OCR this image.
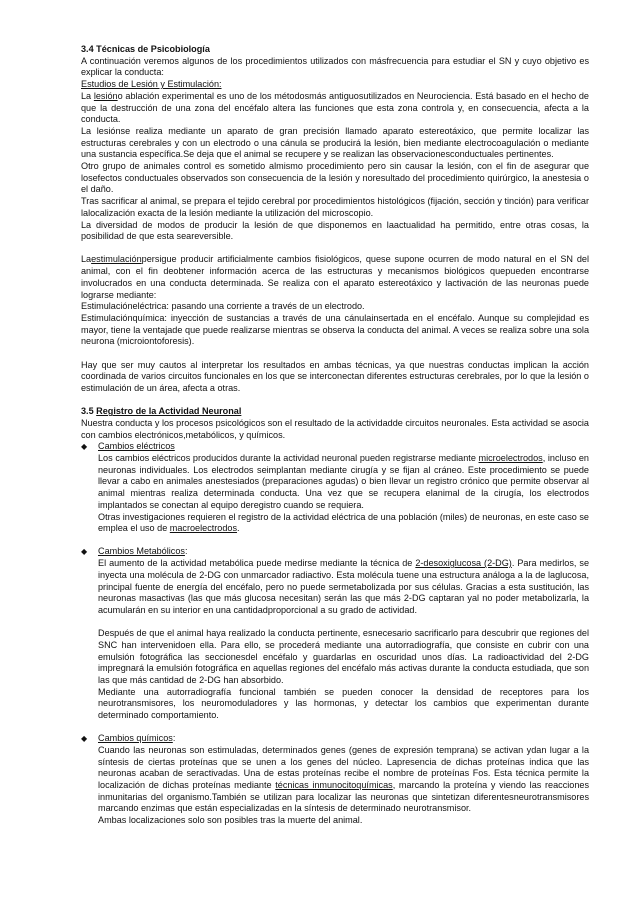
3.4 Técnicas de Psicobiología

A continuación veremos algunos de los procedimientos utilizados con másfrecuencia para estudiar el SN y cuyo objetivo es explicar la conducta:

Estudios de Lesión y Estimulación:

La lesióno ablación experimental es uno de los métodosmás antiguosutilizados en Neurociencia. Está basado en el hecho de que la destrucción de una zona del encéfalo altera las funciones que esta zona controla y, en consecuencia, afecta a la conducta.

La lesiónse realiza mediante un aparato de gran precisión llamado aparato estereotáxico, que permite localizar las estructuras cerebrales y con un electrodo o una cánula se producirá la lesión, bien mediante electrocoagulación o mediante una sustancia específica.Se deja que el animal se recupere y se realizan las observacionesconductuales pertinentes.

Otro grupo de animales control es sometido almismo procedimiento pero sin causar la lesión, con el fin de asegurar que losefectos conductuales observados son consecuencia de la lesión y noresultado del procedimiento quirúrgico, la anestesia o el daño.

Tras sacrificar al animal, se prepara el tejido cerebral por procedimientos histológicos (fijación, sección y tinción) para verificar lalocalización exacta de la lesión mediante la utilización del microscopio.

La diversidad de modos de producir la lesión de que disponemos en laactualidad ha permitido, entre otras cosas, la posibilidad de que esta seareversible.

Laestimulaciónpersigue producir artificialmente cambios fisiológicos, quese supone ocurren de modo natural en el SN del animal, con el fin deobtener información acerca de las estructuras y mecanismos biológicos quepueden encontrarse involucrados en una conducta determinada. Se realiza con el aparato estereotáxico y lactivación de las neuronas puede lograrse mediante:

Estimulacióneléctrica: pasando una corriente a través de un electrodo.

Estimulaciónquímica: inyección de sustancias a través de una cánulainsertada en el encéfalo. Aunque su complejidad es mayor, tiene la ventajade que puede realizarse mientras se observa la conducta del animal. A veces se realiza sobre una sola neurona (microiontoforesis).

Hay que ser muy cautos al interpretar los resultados en ambas técnicas, ya que nuestras conductas implican la acción coordinada de varios circuitos funcionales en los que se interconectan diferentes estructuras cerebrales, por lo que la lesión o estimulación de un área, afecta a otras.

3.5 Registro de la Actividad Neuronal

Nuestra conducta y los procesos psicológicos son el resultado de la actividadde circuitos neuronales. Esta actividad se asocia con cambios electrónicos,metabólicos, y químicos.

◆ Cambios eléctricos

Los cambios eléctricos producidos durante la actividad neuronal pueden registrarse mediante microelectrodos, incluso en neuronas individuales. Los electrodos seimplantan mediante cirugía y se fijan al cráneo. Este procedimiento se puede llevar a cabo en animales anestesiados (preparaciones agudas) o bien llevar un registro crónico que permite observar al animal mientras realiza determinada conducta. Una vez que se recupera elanimal de la cirugía, los electrodos implantados se conectan al equipo deregistro cuando se requiera.

Otras investigaciones requieren el registro de la actividad eléctrica de una población (miles) de neuronas, en este caso se emplea el uso de macroelectrodos.

◆ Cambios Metabólicos:

El aumento de la actividad metabólica puede medirse mediante la técnica de 2-desoxiglucosa (2-DG). Para medirlos, se inyecta una molécula de 2-DG con unmarcador radiactivo. Esta molécula tuene una estructura análoga a la de laglucosa, principal fuente de energía del encéfalo, pero no puede sermetabolizada por sus células. Gracias a esta sustitución, las neuronas masactivas (las que más glucosa necesitan) serán las que más 2-DG captaran yal no poder metabolizarla, la acumularán en su interior en una cantidadproporcional a su grado de actividad.

Después de que el animal haya realizado la conducta pertinente, esnecesario sacrificarlo para descubrir que regiones del SNC han intervenidoen ella. Para ello, se procederá mediante una autorradiografía, que consiste en cubrir con una emulsión fotográfica las seccionesdel encéfalo y guardarlas en oscuridad unos días. La radioactividad del 2-DG impregnará la emulsión fotográfica en aquellas regiones del encéfalo más activas durante la conducta estudiada, que son las que más cantidad de 2-DG han absorbido.

Mediante una autorradiografía funcional también se pueden conocer la densidad de receptores para los neurotransmisores, los neuromoduladores y las hormonas, y detectar los cambios que experimentan durante determinado comportamiento.

◆ Cambios químicos:

Cuando las neuronas son estimuladas, determinados genes (genes de expresión temprana) se activan ydan lugar a la síntesis de ciertas proteínas que se unen a los genes del núcleo. Lapresencia de dichas proteínas indica que las neuronas acaban de seractivadas. Una de estas proteínas recibe el nombre de proteínas Fos. Esta técnica permite la localización de dichas proteínas mediante técnicas inmunocitoquímicas, marcando la proteína y viendo las reacciones inmunitarias del organismo.También se utilizan para localizar las neuronas que sintetizan diferentesneurotransmisores marcando enzimas que están especializadas en la síntesis de determinado neurotransmisor.

Ambas localizaciones solo son posibles tras la muerte del animal.
